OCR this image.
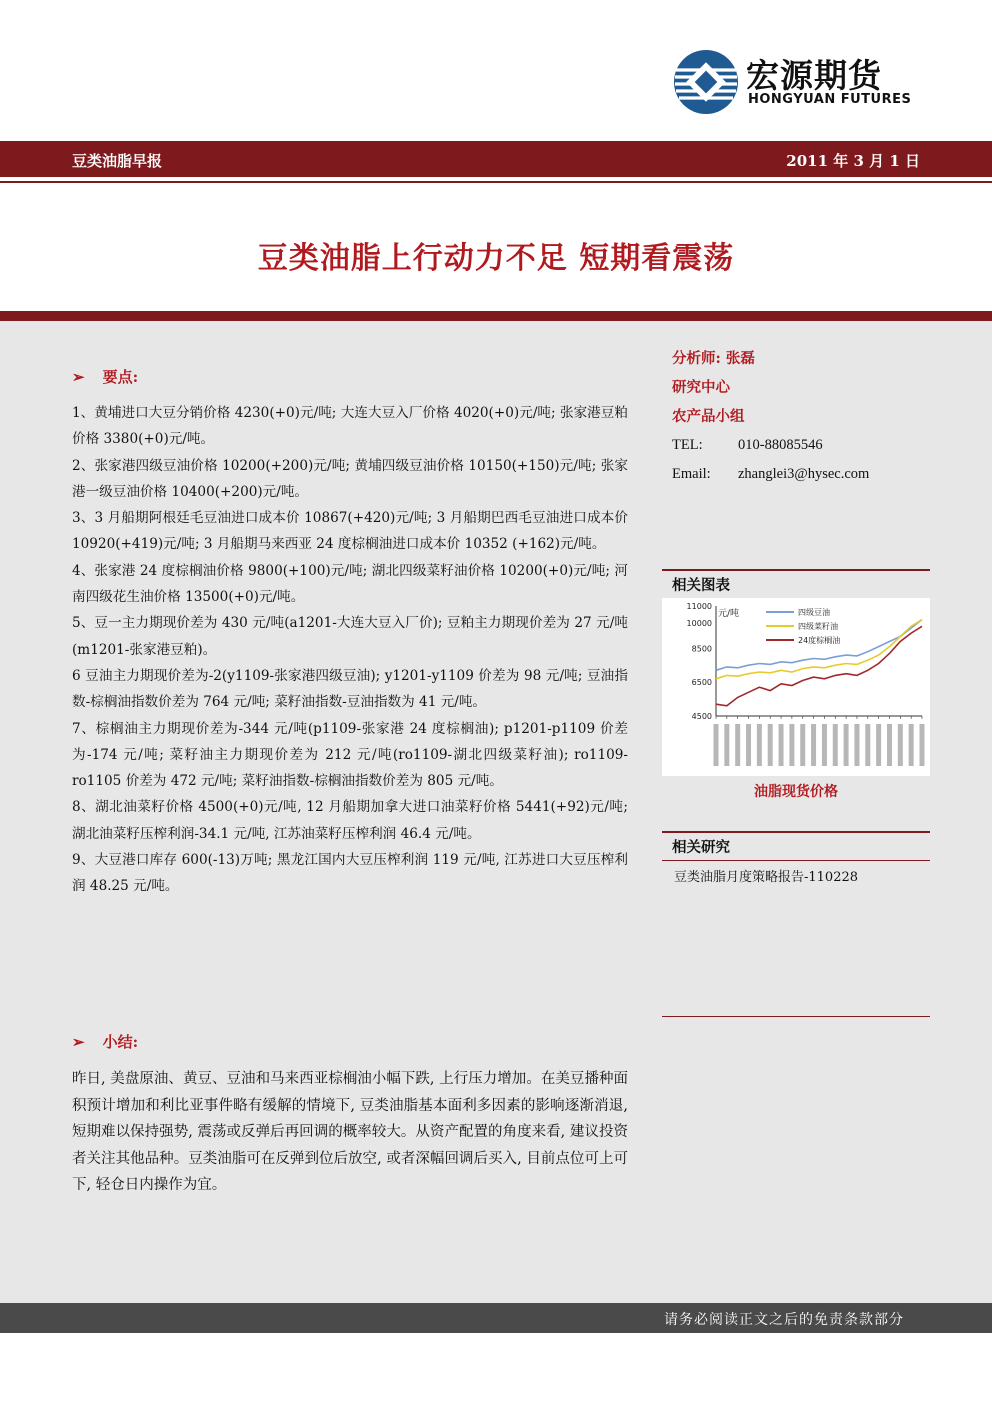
宏源期货
HONGYUAN FUTURES
豆类油脂早报	2011 年 3 月 1 日
豆类油脂上行动力不足 短期看震荡
➢ 要点:

1、黄埔进口大豆分销价格 4230(+0)元/吨; 大连大豆入厂价格 4020(+0)元/吨; 张家港豆粕价格 3380(+0)元/吨。

2、张家港四级豆油价格 10200(+200)元/吨; 黄埔四级豆油价格 10150(+150)元/吨; 张家港一级豆油价格 10400(+200)元/吨。

3、3 月船期阿根廷毛豆油进口成本价 10867(+420)元/吨; 3 月船期巴西毛豆油进口成本价 10920(+419)元/吨; 3 月船期马来西亚 24 度棕榈油进口成本价 10352 (+162)元/吨。

4、张家港 24 度棕榈油价格 9800(+100)元/吨; 湖北四级菜籽油价格 10200(+0)元/吨; 河南四级花生油价格 13500(+0)元/吨。

5、豆一主力期现价差为 430 元/吨(a1201-大连大豆入厂价); 豆粕主力期现价差为 27 元/吨(m1201-张家港豆粕)。

6 豆油主力期现价差为-2(y1109-张家港四级豆油); y1201-y1109 价差为 98 元/吨; 豆油指数-棕榈油指数价差为 764 元/吨; 菜籽油指数-豆油指数为 41 元/吨。

7、棕榈油主力期现价差为-344 元/吨(p1109-张家港 24 度棕榈油); p1201-p1109 价差为-174 元/吨; 菜籽油主力期现价差为 212 元/吨(ro1109-湖北四级菜籽油); ro1109-ro1105 价差为 472 元/吨; 菜籽油指数-棕榈油指数价差为 805 元/吨。

8、湖北油菜籽价格 4500(+0)元/吨, 12 月船期加拿大进口油菜籽价格 5441(+92)元/吨; 湖北油菜籽压榨利润-34.1 元/吨, 江苏油菜籽压榨利润 46.4 元/吨。

9、大豆港口库存 600(-13)万吨; 黑龙江国内大豆压榨利润 119 元/吨, 江苏进口大豆压榨利润 48.25 元/吨。

➢ 小结:
昨日, 美盘原油、黄豆、豆油和马来西亚棕榈油小幅下跌, 上行压力增加。在美豆播种面积预计增加和利比亚事件略有缓解的情境下, 豆类油脂基本面利多因素的影响逐渐消退, 短期难以保持强势, 震荡或反弹后再回调的概率较大。从资产配置的角度来看, 建议投资者关注其他品种。豆类油脂可在反弹到位后放空, 或者深幅回调后买入, 目前点位可上可下, 轻仓日内操作为宜。
分析师: 张磊
研究中心
农产品小组
TEL: 010-88085546
Email: zhanglei3@hysec.com
相关图表
11000
10000
8500
6500
4500
元/吨	四级豆油
四级菜籽油
24度棕榈油
油脂现货价格
相关研究
豆类油脂月度策略报告-110228
请务必阅读正文之后的免责条款部分
